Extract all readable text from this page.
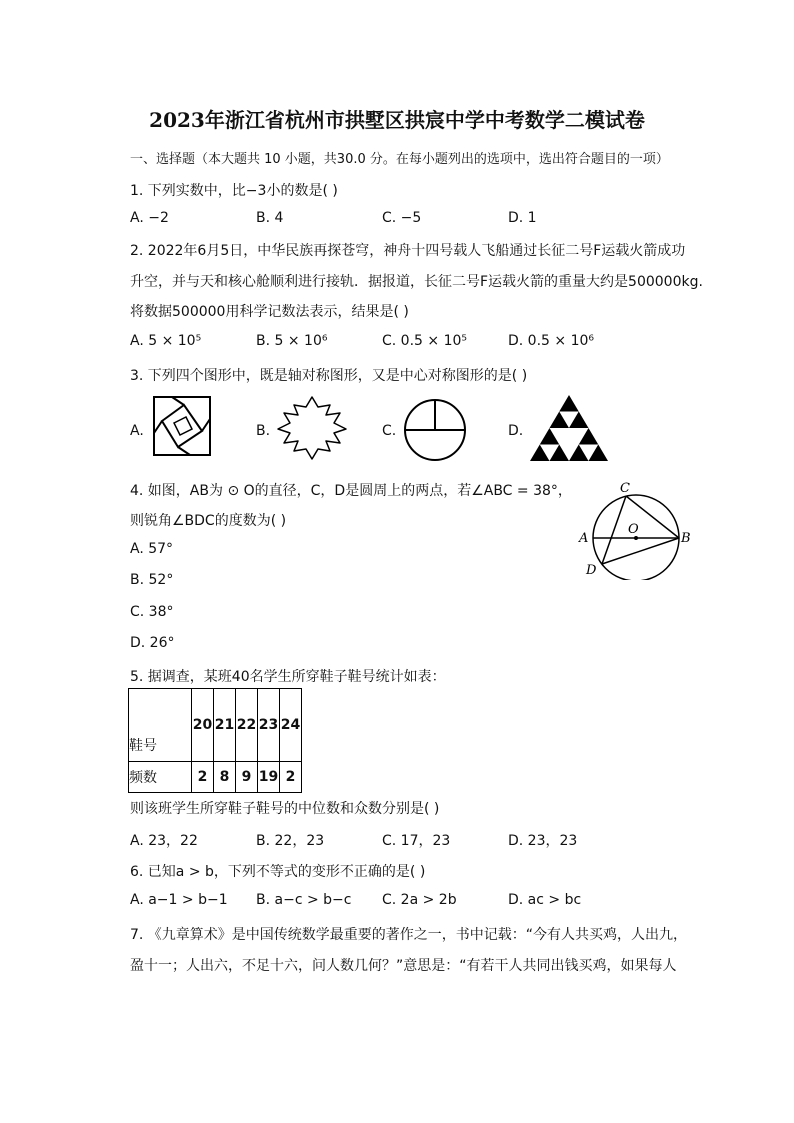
2023年浙江省杭州市拱墅区拱宸中学中考数学二模试卷
一、选择题（本大题共 10 小题，共30.0 分。在每小题列出的选项中，选出符合题目的一项）
1. 下列实数中，比−3小的数是( )
A. −2	B. 4	C. −5	D. 1
2. 2022年6月5日，中华民族再探苍穹，神舟十四号载人飞船通过长征二号F运载火箭成功
升空，并与天和核心舱顺利进行接轨．据报道，长征二号F运载火箭的重量大约是500000kg.
将数据500000用科学记数法表示，结果是( )
A. 5 × 10⁵	B. 5 × 10⁶	C. 0.5 × 10⁵	D. 0.5 × 10⁶
3. 下列四个图形中，既是轴对称图形，又是中心对称图形的是( )
A.	B.	C.	D.
4. 如图，AB为 ⊙ O的直径，C，D是圆周上的两点，若∠ABC = 38°，
则锐角∠BDC的度数为( )
A. 57°
B. 52°
C. 38°
D. 26°
C
O
A	B
D
5. 据调查，某班40名学生所穿鞋子鞋号统计如表：
鞋号	20	21	22	23	24
频数	2	8	9	19	2
则该班学生所穿鞋子鞋号的中位数和众数分别是( )
A. 23，22	B. 22，23	C. 17，23	D. 23，23
6. 已知a > b，下列不等式的变形不正确的是( )
A. a−1 > b−1 B. a−c > b−c C. 2a > 2b	D. ac > bc
7. 《九章算术》是中国传统数学最重要的著作之一，书中记载：“今有人共买鸡，人出九，
盈十一；人出六，不足十六，问人数几何？”意思是：“有若干人共同出钱买鸡，如果每人
